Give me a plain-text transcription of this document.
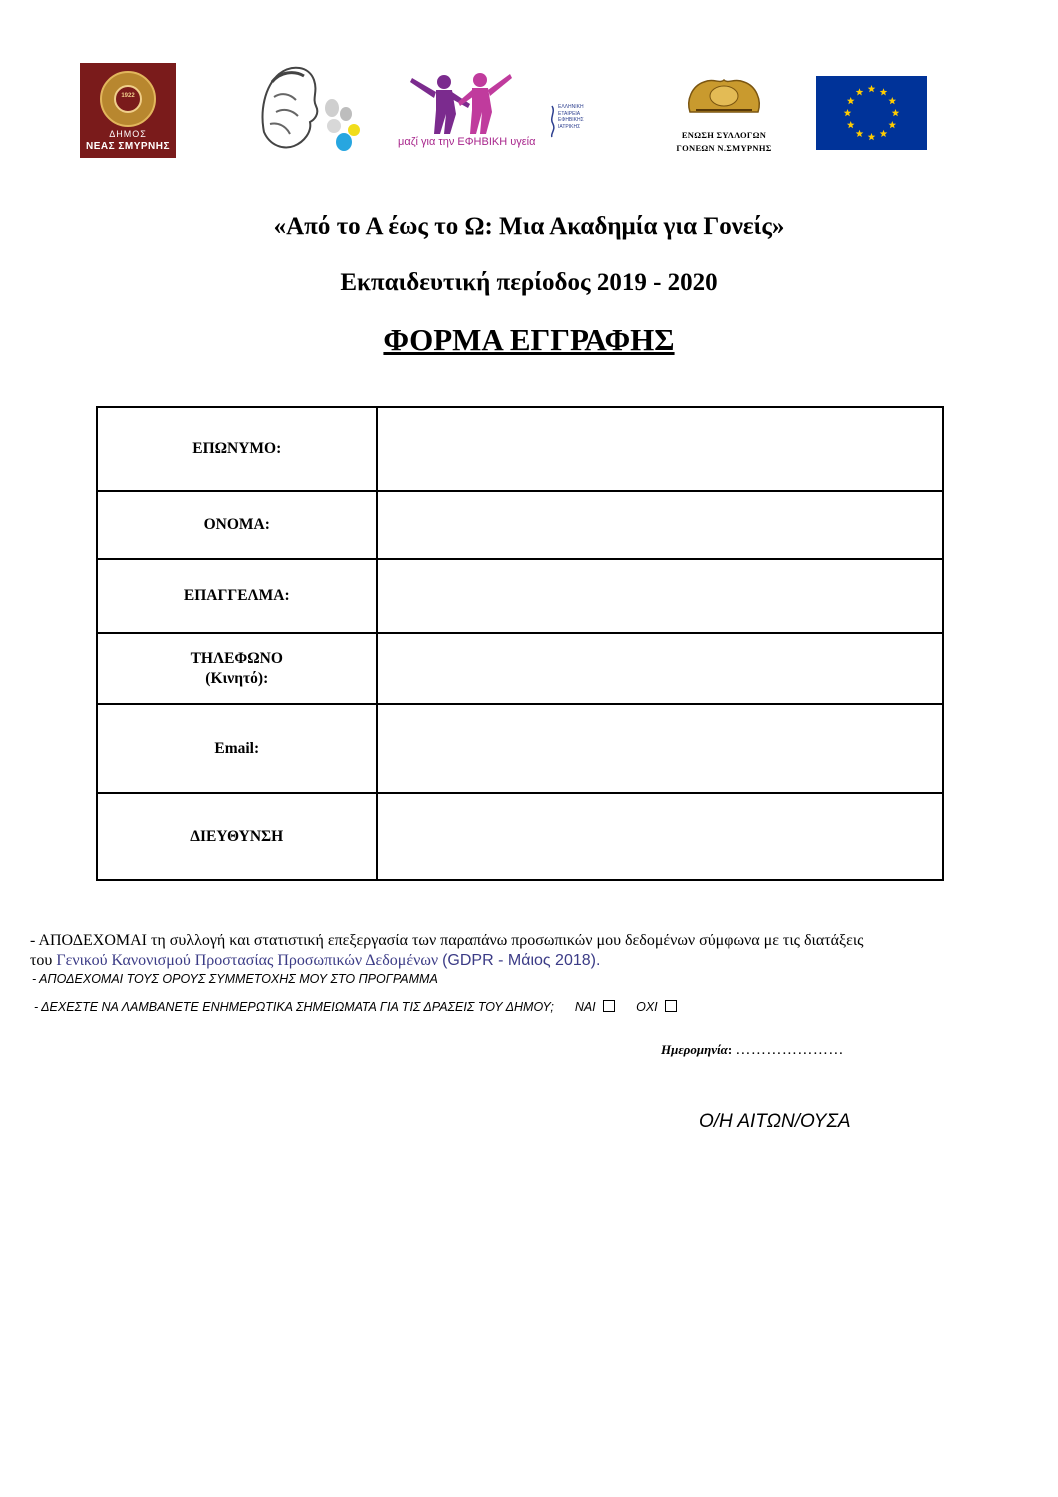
1922
ΔΗΜΟΣ
ΝΕΑΣ ΣΜΥΡΝΗΣ	μαζί για την ΕΦΗΒΙΚΗ υγεία
ΕΛΛΗΝΙΚΗ
ΕΤΑΙΡΕΙΑ
ΕΦΗΒΙΚΗΣ
ΙΑΤΡΙΚΗΣ
ΕΝΩΣΗ ΣΥΛΛΟΓΩΝ
ΓΟΝΕΩΝ Ν.ΣΜΥΡΝΗΣ
«Από το Α έως το Ω: Μια Ακαδημία για Γονείς»
Εκπαιδευτική περίοδος 2019 - 2020
ΦΟΡΜΑ ΕΓΓΡΑΦΗΣ
ΕΠΩΝΥΜΟ:	
ΟΝΟΜΑ:	
ΕΠΑΓΓΕΛΜΑ:	

ΤΗΛΕΦΩΝΟ
(Κινητό):	

Email:	
ΔΙΕΥΘΥΝΣΗ	
- ΑΠΟΔΕΧΟΜΑΙ τη συλλογή και στατιστική επεξεργασία των παραπάνω προσωπικών μου δεδομένων σύμφωνα με τις διατάξεις
του Γενικού Κανονισμού Προστασίας Προσωπικών Δεδομένων (GDPR - Μάιος 2018).
- ΑΠΟΔΕΧΟΜΑΙ ΤΟΥΣ ΟΡΟΥΣ ΣΥΜΜΕΤΟΧΗΣ ΜΟΥ ΣΤΟ ΠΡΟΓΡΑΜΜΑ
- ΔΕΧΕΣΤΕ ΝΑ ΛΑΜΒΑΝΕΤΕ ΕΝΗΜΕΡΩΤΙΚΑ ΣΗΜΕΙΩΜΑΤΑ ΓΙΑ ΤΙΣ ΔΡΑΣΕΙΣ ΤΟΥ ΔΗΜΟΥ; ΝΑΙ	ΟΧΙ
Ημερομηνία: …………………
Ο/Η ΑΙΤΩΝ/ΟΥΣΑ
